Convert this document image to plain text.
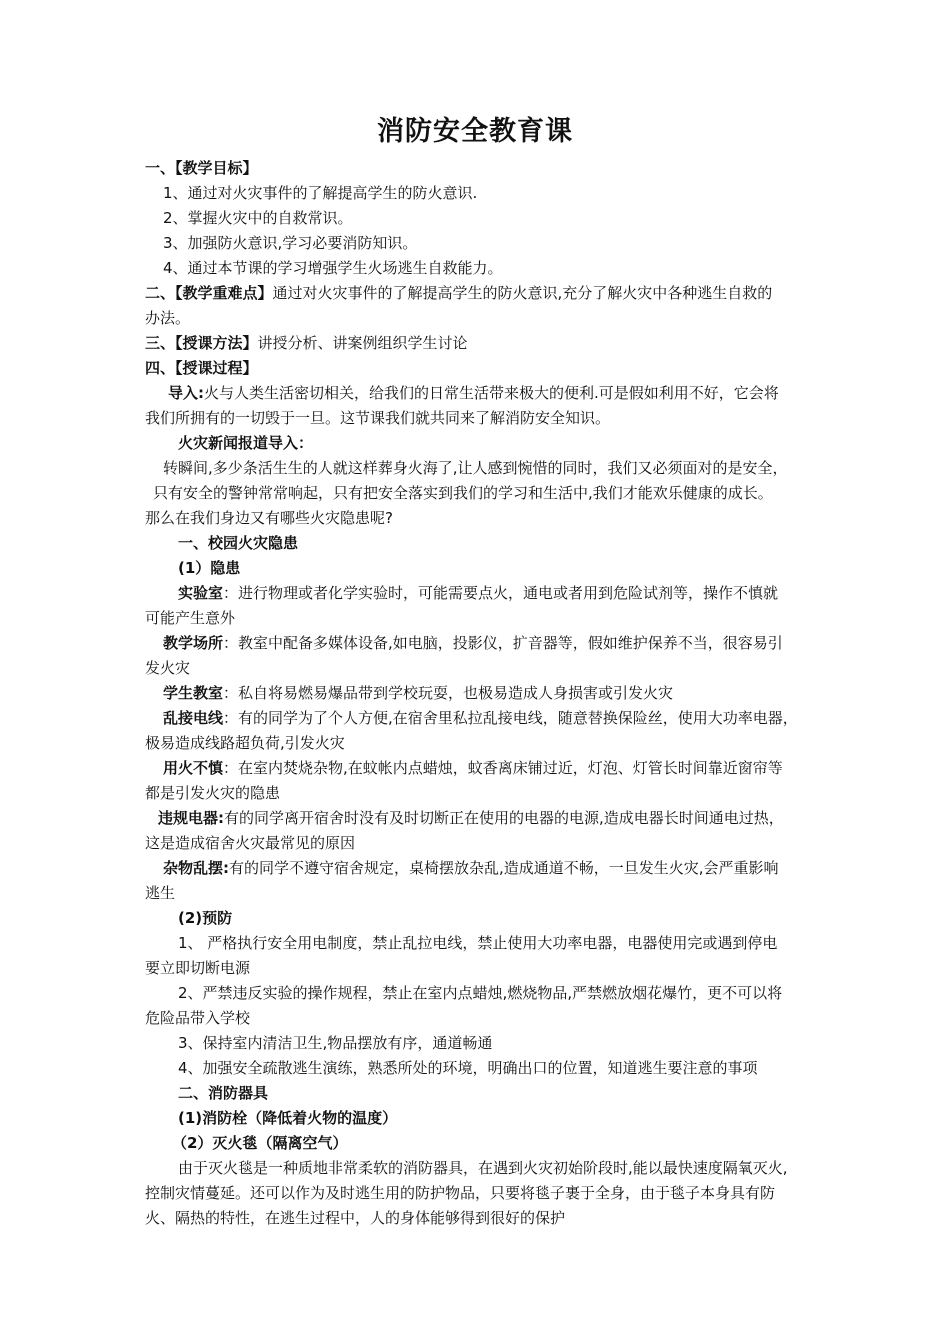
消防安全教育课
一、【教学目标】
1、通过对火灾事件的了解提高学生的防火意识.
2、掌握火灾中的自救常识。
3、加强防火意识,学习必要消防知识。
4、通过本节课的学习增强学生火场逃生自救能力。
二、【教学重难点】通过对火灾事件的了解提高学生的防火意识,充分了解火灾中各种逃生自救的
办法。
三、【授课方法】讲授分析、讲案例组织学生讨论
四、【授课过程】
导入:火与人类生活密切相关，给我们的日常生活带来极大的便利.可是假如利用不好，它会将
我们所拥有的一切毁于一旦。这节课我们就共同来了解消防安全知识。
火灾新闻报道导入：
转瞬间,多少条活生生的人就这样葬身火海了,让人感到惋惜的同时，我们又必须面对的是安全，
只有安全的警钟常常响起，只有把安全落实到我们的学习和生活中,我们才能欢乐健康的成长。
那么在我们身边又有哪些火灾隐患呢?
一、校园火灾隐患
(1）隐患
实验室：进行物理或者化学实验时，可能需要点火，通电或者用到危险试剂等，操作不慎就
可能产生意外
教学场所：教室中配备多媒体设备,如电脑，投影仪，扩音器等，假如维护保养不当，很容易引
发火灾
学生教室：私自将易燃易爆品带到学校玩耍，也极易造成人身损害或引发火灾
乱接电线：有的同学为了个人方便,在宿舍里私拉乱接电线，随意替换保险丝，使用大功率电器，
极易造成线路超负荷,引发火灾
用火不慎：在室内焚烧杂物,在蚊帐内点蜡烛，蚊香离床铺过近，灯泡、灯管长时间靠近窗帘等
都是引发火灾的隐患
违规电器:有的同学离开宿舍时没有及时切断正在使用的电器的电源,造成电器长时间通电过热，
这是造成宿舍火灾最常见的原因
杂物乱摆:有的同学不遵守宿舍规定，桌椅摆放杂乱,造成通道不畅，一旦发生火灾,会严重影响
逃生
(2)预防
1、 严格执行安全用电制度，禁止乱拉电线，禁止使用大功率电器，电器使用完或遇到停电
要立即切断电源
2、严禁违反实验的操作规程，禁止在室内点蜡烛,燃烧物品,严禁燃放烟花爆竹，更不可以将
危险品带入学校
3、保持室内清洁卫生,物品摆放有序，通道畅通
4、加强安全疏散逃生演练，熟悉所处的环境，明确出口的位置，知道逃生要注意的事项
二、消防器具
(1)消防栓（降低着火物的温度）
（2）灭火毯（隔离空气）
由于灭火毯是一种质地非常柔软的消防器具，在遇到火灾初始阶段时,能以最快速度隔氧灭火,
控制灾情蔓延。还可以作为及时逃生用的防护物品，只要将毯子裹于全身，由于毯子本身具有防
火、隔热的特性，在逃生过程中，人的身体能够得到很好的保护
